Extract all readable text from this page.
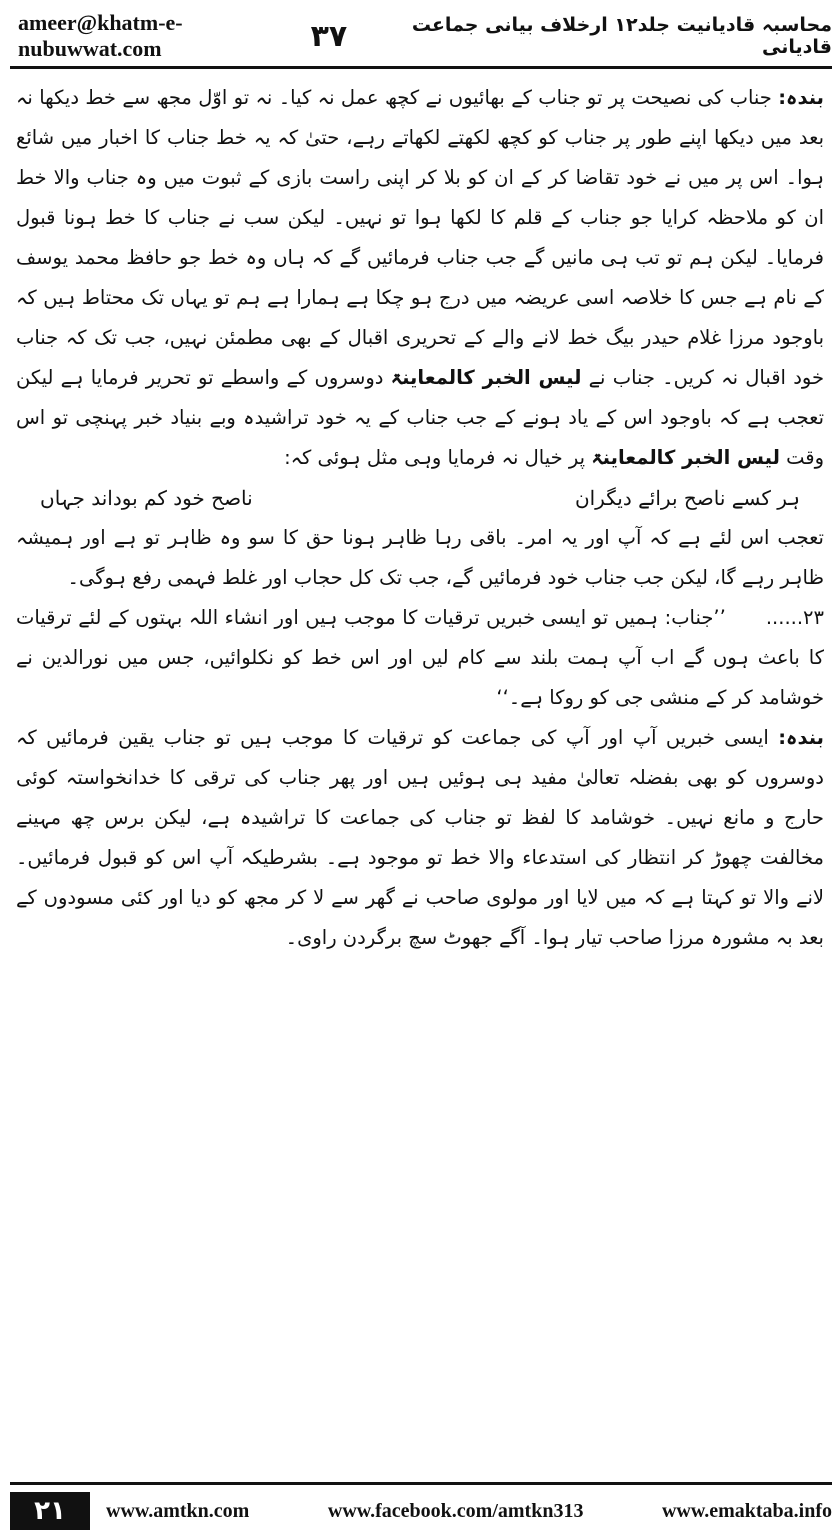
ameer@khatm-e-nubuwwat.com
محاسبہ قادیانیت جلد۱۲ ارخلاف بیانی جماعت قادیانی
۳۷

بندہ: جناب کی نصیحت پر تو جناب کے بھائیوں نے کچھ عمل نہ کیا۔ نہ تو اوّل مجھ سے خط دیکھا نہ بعد میں دیکھا اپنے طور پر جناب کو کچھ لکھتے لکھاتے رہے، حتیٰ کہ یہ خط جناب کا اخبار میں شائع ہوا۔ اس پر میں نے خود تقاضا کر کے ان کو بلا کر اپنی راست بازی کے ثبوت میں وہ جناب والا خط ان کو ملاحظہ کرایا جو جناب کے قلم کا لکھا ہوا تو نہیں۔ لیکن سب نے جناب کا خط ہونا قبول فرمایا۔ لیکن ہم تو تب ہی مانیں گے جب جناب فرمائیں گے کہ ہاں وہ خط جو حافظ محمد یوسف کے نام ہے جس کا خلاصہ اسی عریضہ میں درج ہو چکا ہے ہمارا ہے ہم تو یہاں تک محتاط ہیں کہ باوجود مرزا غلام حیدر بیگ خط لانے والے کے تحریری اقبال کے بھی مطمئن نہیں، جب تک کہ جناب خود اقبال نہ کریں۔ جناب نے لیس الخبر کالمعاینۃ دوسروں کے واسطے تو تحریر فرمایا ہے لیکن تعجب ہے کہ باوجود اس کے یاد ہونے کے جب جناب کے یہ خود تراشیدہ وبے بنیاد خبر پہنچی تو اس وقت لیس الخبر کالمعاینۃ پر خیال نہ فرمایا وہی مثل ہوئی کہ:

ہر کسے ناصح برائے دیگران
ناصح خود کم بوداند جہاں

تعجب اس لئے ہے کہ آپ اور یہ امر۔ باقی رہا ظاہر ہونا حق کا سو وہ ظاہر تو ہے اور ہمیشہ ظاہر رہے گا، لیکن جب جناب خود فرمائیں گے، جب تک کل حجاب اور غلط فہمی رفع ہوگی۔

۲۳......’’جناب: ہمیں تو ایسی خبریں ترقیات کا موجب ہیں اور انشاء اللہ بہتوں کے لئے ترقیات کا باعث ہوں گے اب آپ ہمت بلند سے کام لیں اور اس خط کو نکلوائیں، جس میں نورالدین نے خوشامد کر کے منشی جی کو روکا ہے۔‘‘

بندہ: ایسی خبریں آپ اور آپ کی جماعت کو ترقیات کا موجب ہیں تو جناب یقین فرمائیں کہ دوسروں کو بھی بفضلہ تعالیٰ مفید ہی ہوئیں ہیں اور پھر جناب کی ترقی کا خدانخواستہ کوئی حارج و مانع نہیں۔ خوشامد کا لفظ تو جناب کی جماعت کا تراشیدہ ہے، لیکن برس چھ مہینے مخالفت چھوڑ کر انتظار کی استدعاء والا خط تو موجود ہے۔ بشرطیکہ آپ اس کو قبول فرمائیں۔ لانے والا تو کہتا ہے کہ میں لایا اور مولوی صاحب نے گھر سے لا کر مجھ کو دیا اور کئی مسودوں کے بعد بہ مشورہ مرزا صاحب تیار ہوا۔ آگے جھوٹ سچ برگردن راوی۔

۲۱	www.amtkn.com	www.facebook.com/amtkn313	www.emaktaba.info
